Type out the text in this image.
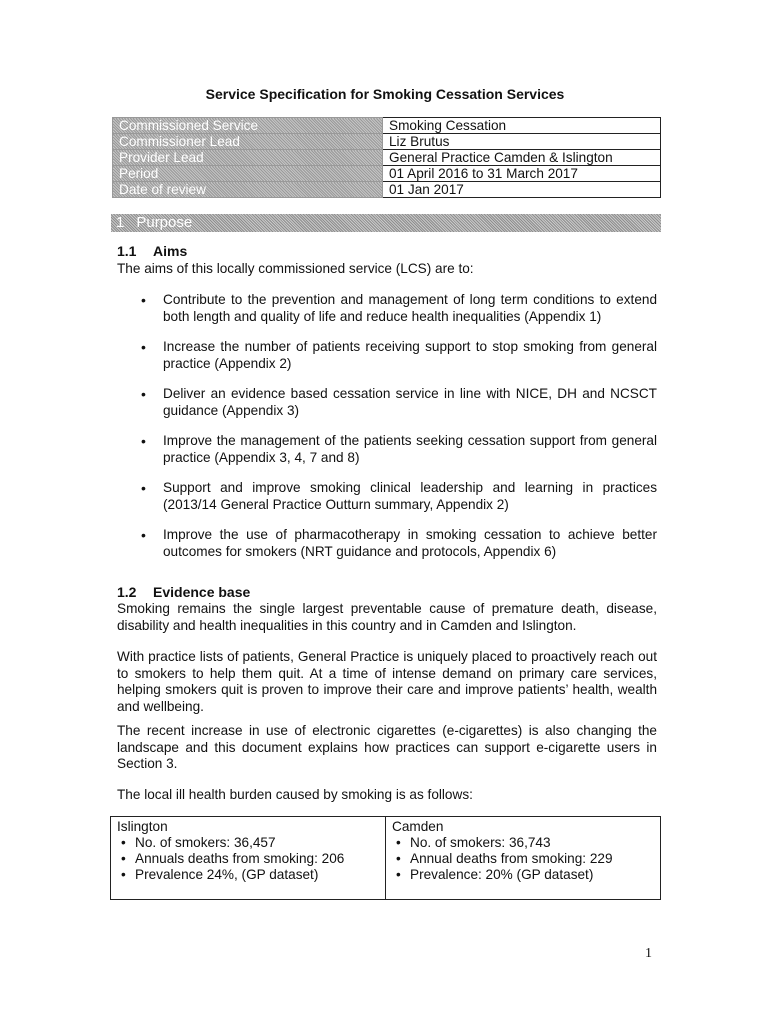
Service Specification for Smoking Cessation Services
Commissioned Service	Smoking Cessation
Commissioner Lead	Liz Brutus
Provider Lead	General Practice Camden & Islington
Period	01 April 2016 to 31 March 2017
Date of review	01 Jan 2017
1 Purpose
1.1 Aims
The aims of this locally commissioned service (LCS) are to:
• Contribute to the prevention and management of long term conditions to extend both length and quality of life and reduce health inequalities (Appendix 1)
• Increase the number of patients receiving support to stop smoking from general practice (Appendix 2)
• Deliver an evidence based cessation service in line with NICE, DH and NCSCT guidance (Appendix 3)
• Improve the management of the patients seeking cessation support from general practice (Appendix 3, 4, 7 and 8)
• Support and improve smoking clinical leadership and learning in practices (2013/14 General Practice Outturn summary, Appendix 2)
• Improve the use of pharmacotherapy in smoking cessation to achieve better outcomes for smokers (NRT guidance and protocols, Appendix 6)
1.2 Evidence base
Smoking remains the single largest preventable cause of premature death, disease, disability and health inequalities in this country and in Camden and Islington.
With practice lists of patients, General Practice is uniquely placed to proactively reach out to smokers to help them quit. At a time of intense demand on primary care services, helping smokers quit is proven to improve their care and improve patients’ health, wealth and wellbeing.
The recent increase in use of electronic cigarettes (e-cigarettes) is also changing the landscape and this document explains how practices can support e-cigarette users in Section 3.
The local ill health burden caused by smoking is as follows:
Islington
• No. of smokers: 36,457
• Annuals deaths from smoking: 206
• Prevalence 24%, (GP dataset)

Camden
• No. of smokers: 36,743
• Annual deaths from smoking: 229
• Prevalence: 20% (GP dataset)
1
